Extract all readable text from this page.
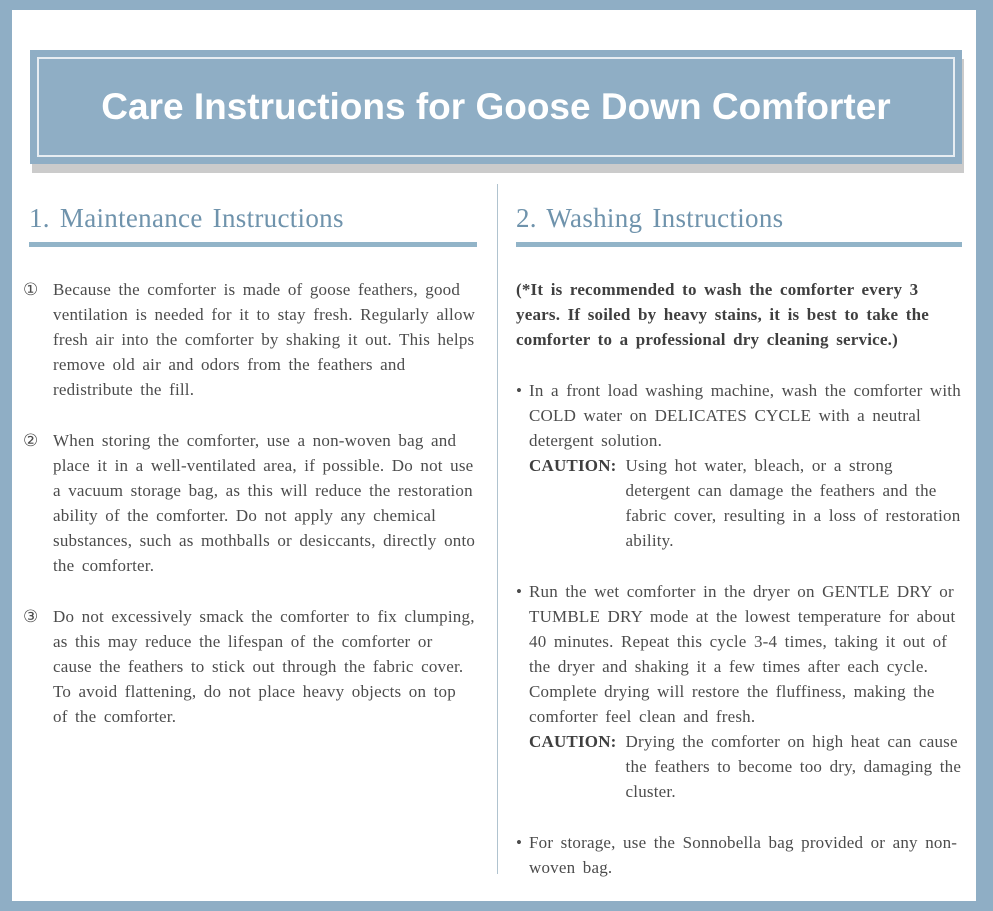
Care Instructions for Goose Down Comforter
1. Maintenance Instructions
① Because the comforter is made of goose feathers, good ventilation is needed for it to stay fresh. Regularly allow fresh air into the comforter by shaking it out. This helps remove old air and odors from the feathers and redistribute the fill.
② When storing the comforter, use a non-woven bag and place it in a well-ventilated area, if possible. Do not use a vacuum storage bag, as this will reduce the restoration ability of the comforter. Do not apply any chemical substances, such as mothballs or desiccants, directly onto the comforter.
③ Do not excessively smack the comforter to fix clumping, as this may reduce the lifespan of the comforter or cause the feathers to stick out through the fabric cover. To avoid flattening, do not place heavy objects on top of the comforter.
2. Washing Instructions

(*It is recommended to wash the comforter every 3 years. If soiled by heavy stains, it is best to take the comforter to a professional dry cleaning service.)

• In a front load washing machine, wash the comforter with COLD water on DELICATES CYCLE with a neutral detergent solution.
CAUTION: Using hot water, bleach, or a strong detergent can damage the feathers and the fabric cover, resulting in a loss of restoration ability.
• Run the wet comforter in the dryer on GENTLE DRY or TUMBLE DRY mode at the lowest temperature for about 40 minutes. Repeat this cycle 3-4 times, taking it out of the dryer and shaking it a few times after each cycle. Complete drying will restore the fluffiness, making the comforter feel clean and fresh.
CAUTION: Drying the comforter on high heat can cause the feathers to become too dry, damaging the cluster.
• For storage, use the Sonnobella bag provided or any non-woven bag.
